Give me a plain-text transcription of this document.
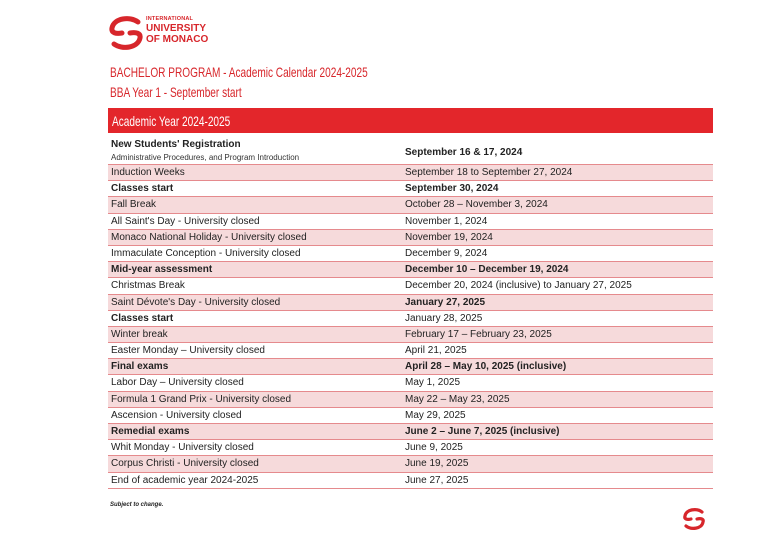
INTERNATIONAL
UNIVERSITY
OF MONACO
BACHELOR PROGRAM - Academic Calendar 2024-2025
BBA Year 1 - September start
Academic Year 2024-2025
New Students' Registration
Administrative Procedures, and Program Introduction	September 16 & 17, 2024
Induction Weeks	September 18 to September 27, 2024
Classes start	September 30, 2024
Fall Break	October 28 – November 3, 2024
All Saint's Day - University closed	November 1, 2024
Monaco National Holiday - University closed	November 19, 2024
Immaculate Conception - University closed	December 9, 2024
Mid-year assessment	December 10 – December 19, 2024
Christmas Break	December 20, 2024 (inclusive) to January 27, 2025
Saint Dévote's Day - University closed	January 27, 2025
Classes start	January 28, 2025
Winter break	February 17 – February 23, 2025
Easter Monday – University closed	April 21, 2025
Final exams	April 28 – May 10, 2025 (inclusive)
Labor Day – University closed	May 1, 2025
Formula 1 Grand Prix - University closed	May 22 – May 23, 2025
Ascension - University closed	May 29, 2025
Remedial exams	June 2 – June 7, 2025 (inclusive)
Whit Monday - University closed	June 9, 2025
Corpus Christi - University closed	June 19, 2025
End of academic year 2024-2025	June 27, 2025
Subject to change.
